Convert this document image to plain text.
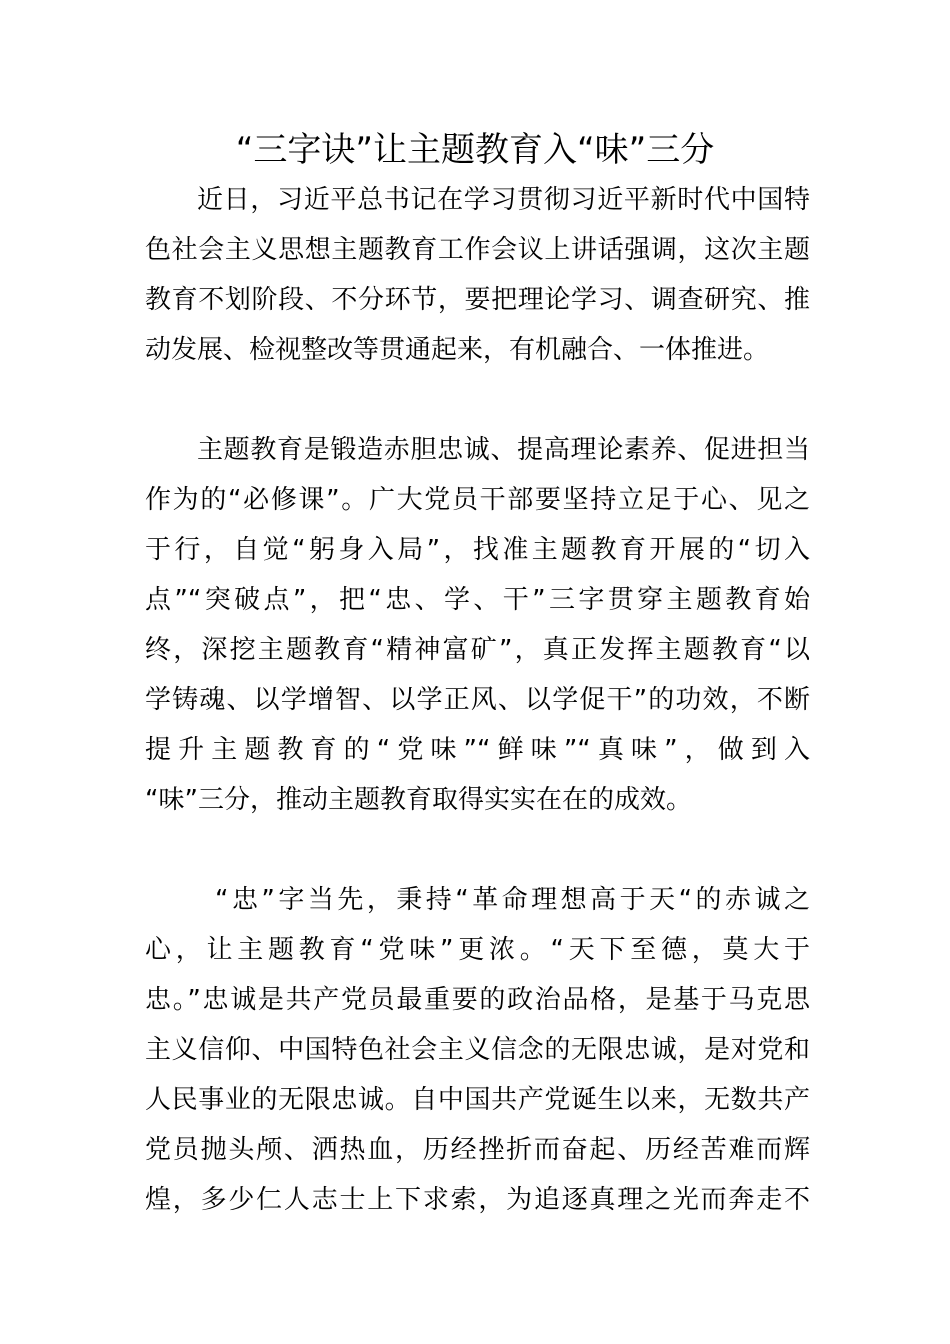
“三字诀”让主题教育入“味”三分
近日，习近平总书记在学习贯彻习近平新时代中国特
色社会主义思想主题教育工作会议上讲话强调，这次主题
教育不划阶段、不分环节，要把理论学习、调查研究、推
动发展、检视整改等贯通起来，有机融合、一体推进。
主题教育是锻造赤胆忠诚、提高理论素养、促进担当
作为的“必修课”。广大党员干部要坚持立足于心、见之
于行，自觉“躬身入局”，找准主题教育开展的“切入
点”“突破点”，把“忠、学、干”三字贯穿主题教育始
终，深挖主题教育“精神富矿”，真正发挥主题教育“以
学铸魂、以学增智、以学正风、以学促干”的功效，不断
提升主题教育的“党味”“鲜味”“真味”，做到入
“味”三分，推动主题教育取得实实在在的成效。
“忠”字当先，秉持“革命理想高于天“的赤诚之
心，让主题教育“党味”更浓。“天下至德，莫大于
忠。”忠诚是共产党员最重要的政治品格，是基于马克思
主义信仰、中国特色社会主义信念的无限忠诚，是对党和
人民事业的无限忠诚。自中国共产党诞生以来，无数共产
党员抛头颅、洒热血，历经挫折而奋起、历经苦难而辉
煌，多少仁人志士上下求索，为追逐真理之光而奔走不
